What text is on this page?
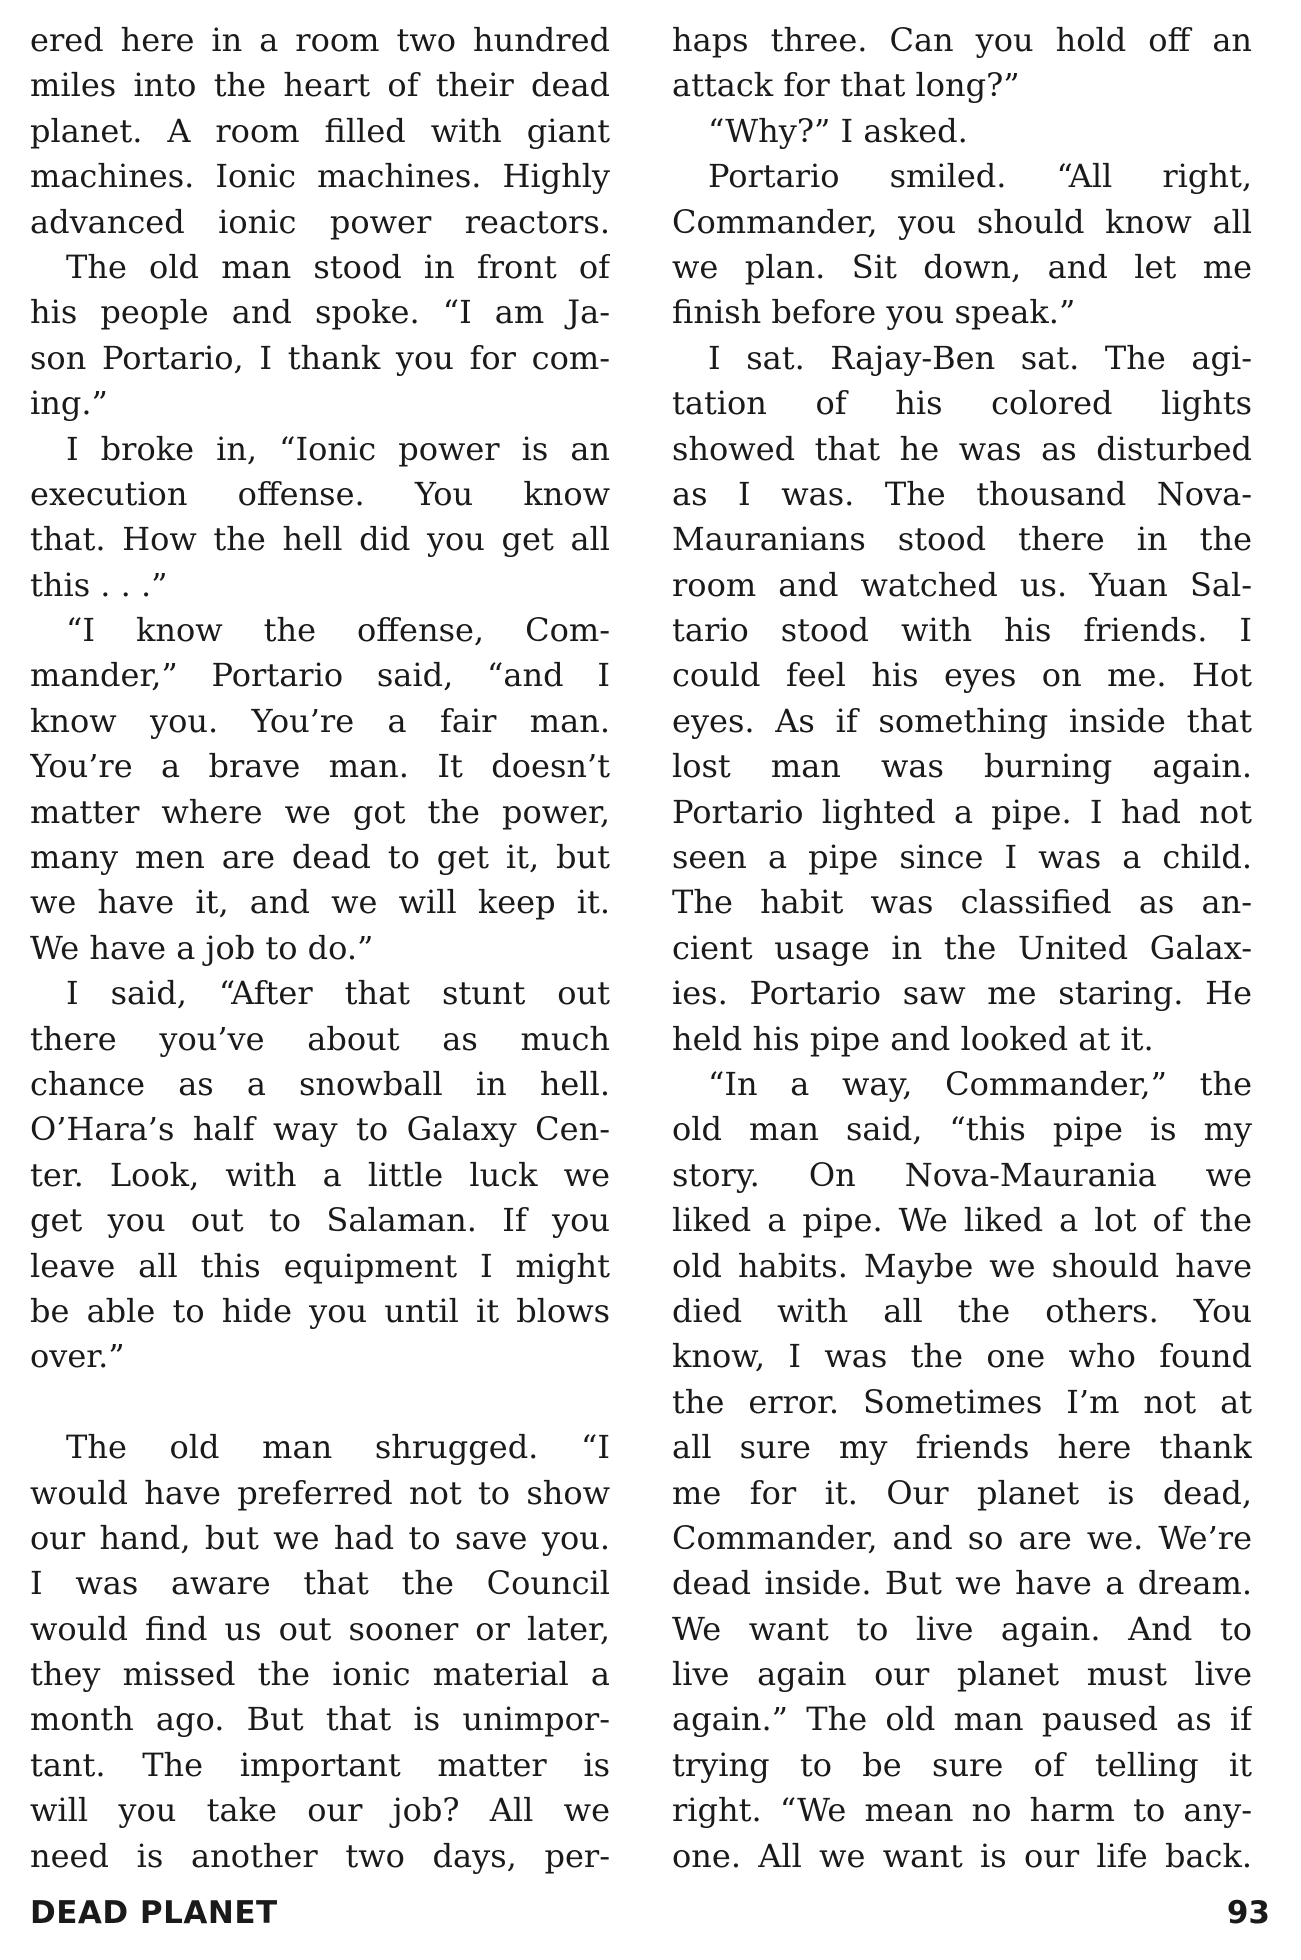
ered here in a room two hundred
miles into the heart of their dead
planet. A room filled with giant
machines. Ionic machines. Highly
advanced ionic power reactors.
The old man stood in front of
his people and spoke. “I am Ja-
son Portario, I thank you for com-
ing.”
I broke in, “Ionic power is an
execution offense. You know
that. How the hell did you get all
this . . .”
“I know the offense, Com-
mander,” Portario said, “and I
know you. You’re a fair man.
You’re a brave man. It doesn’t
matter where we got the power,
many men are dead to get it, but
we have it, and we will keep it.
We have a job to do.”
I said, “After that stunt out
there you’ve about as much
chance as a snowball in hell.
O’Hara’s half way to Galaxy Cen-
ter. Look, with a little luck we
get you out to Salaman. If you
leave all this equipment I might
be able to hide you until it blows
over.”
The old man shrugged. “I
would have preferred not to show
our hand, but we had to save you.
I was aware that the Council
would find us out sooner or later,
they missed the ionic material a
month ago. But that is unimpor-
tant. The important matter is
will you take our job? All we
need is another two days, per-
haps three. Can you hold off an
attack for that long?”
“Why?” I asked.
Portario smiled. “All right,
Commander, you should know all
we plan. Sit down, and let me
finish before you speak.”
I sat. Rajay-Ben sat. The agi-
tation of his colored lights
showed that he was as disturbed
as I was. The thousand Nova-
Mauranians stood there in the
room and watched us. Yuan Sal-
tario stood with his friends. I
could feel his eyes on me. Hot
eyes. As if something inside that
lost man was burning again.
Portario lighted a pipe. I had not
seen a pipe since I was a child.
The habit was classified as an-
cient usage in the United Galax-
ies. Portario saw me staring. He
held his pipe and looked at it.
“In a way, Commander,” the
old man said, “this pipe is my
story. On Nova-Maurania we
liked a pipe. We liked a lot of the
old habits. Maybe we should have
died with all the others. You
know, I was the one who found
the error. Sometimes I’m not at
all sure my friends here thank
me for it. Our planet is dead,
Commander, and so are we. We’re
dead inside. But we have a dream.
We want to live again. And to
live again our planet must live
again.” The old man paused as if
trying to be sure of telling it
right. “We mean no harm to any-
one. All we want is our life back.
DEAD PLANET	93
